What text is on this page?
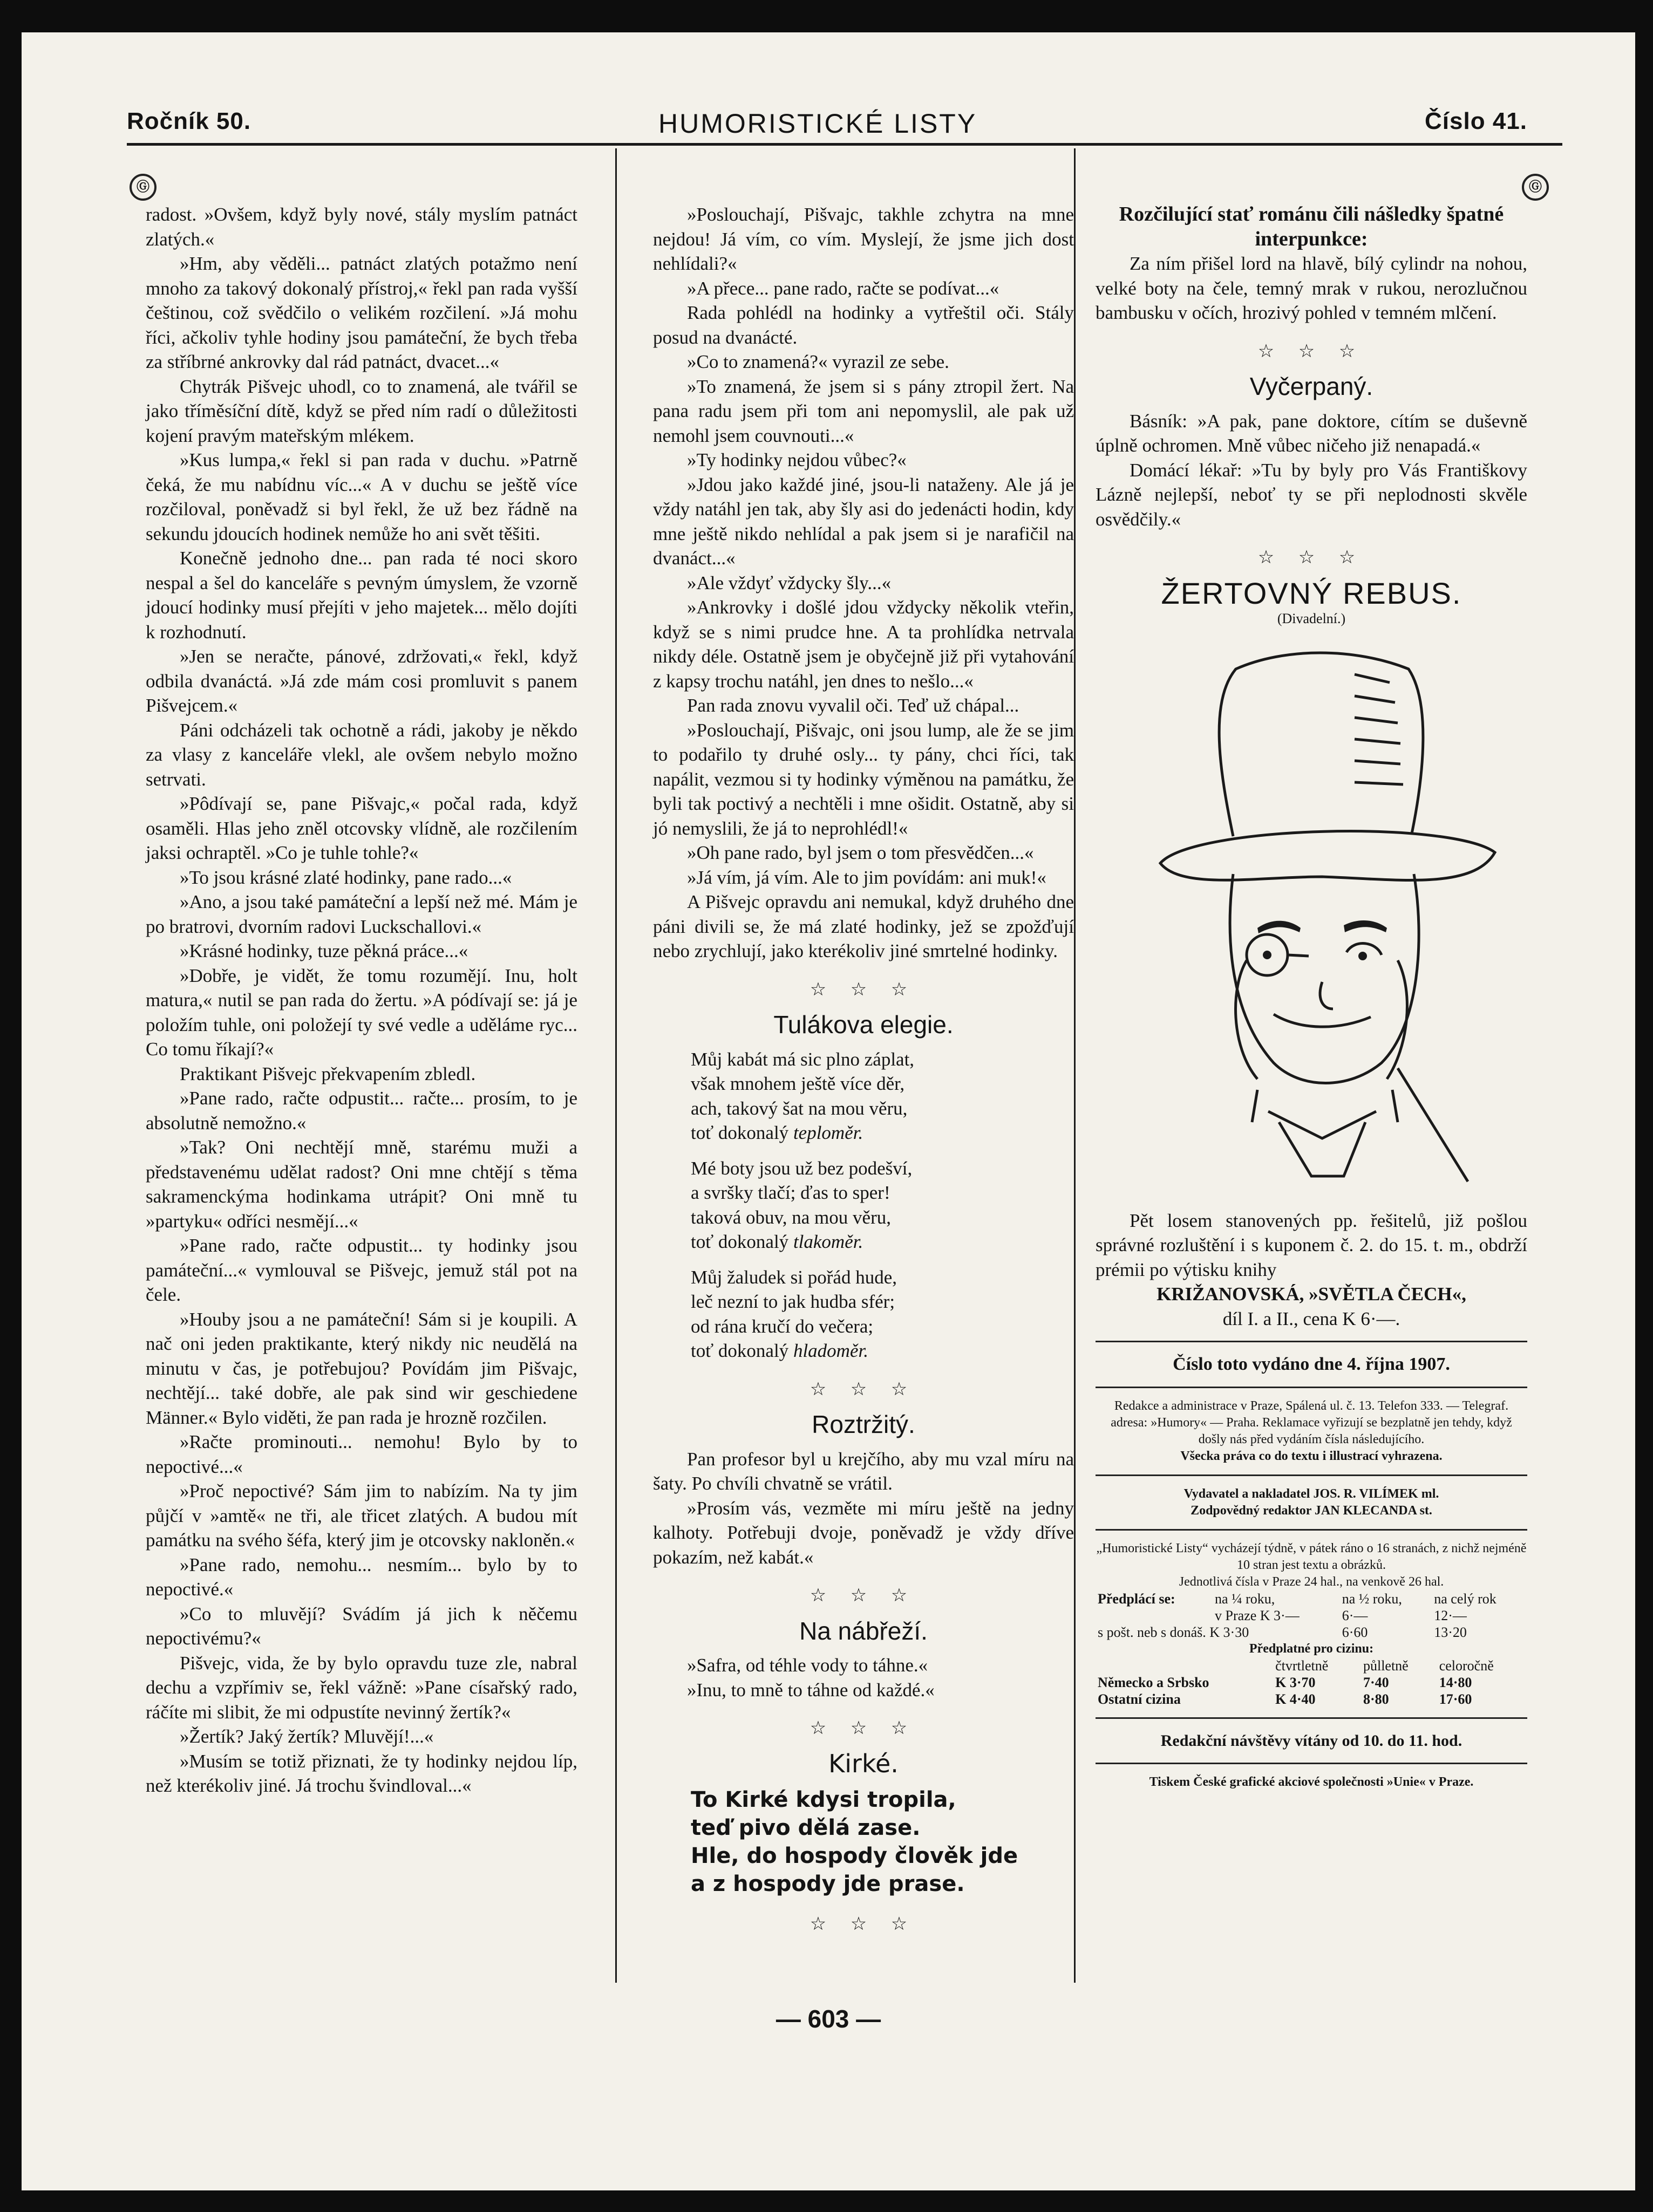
Ročník 50.	HUMORISTICKÉ LISTY	Číslo 41.
Ⓖ	Ⓖ

radost. »Ovšem, když byly nové, stály myslím patnáct zlatých.«

»Hm, aby věděli... patnáct zlatých potažmo není mnoho za takový dokonalý přístroj,« řekl pan rada vyšší češtinou, což svědčilo o velikém rozčilení. »Já mohu říci, ačkoliv tyhle hodiny jsou památeční, že bych třeba za stříbrné ankrovky dal rád patnáct, dvacet...«

Chytrák Pišvejc uhodl, co to znamená, ale tvářil se jako tříměsíční dítě, když se před ním radí o důležitosti kojení pravým mateřským mlékem.

»Kus lumpa,« řekl si pan rada v duchu. »Patrně čeká, že mu nabídnu víc...« A v duchu se ještě více rozčiloval, poněvadž si byl řekl, že už bez řádně na sekundu jdoucích hodinek nemůže ho ani svět těšiti.

Konečně jednoho dne... pan rada té noci skoro nespal a šel do kanceláře s pevným úmyslem, že vzorně jdoucí hodinky musí přejíti v jeho majetek... mělo dojíti k rozhodnutí.

»Jen se neračte, pánové, zdržovati,« řekl, když odbila dvanáctá. »Já zde mám cosi promluvit s panem Pišvejcem.«

Páni odcházeli tak ochotně a rádi, jakoby je někdo za vlasy z kanceláře vlekl, ale ovšem nebylo možno setrvati.

»Pôdívají se, pane Pišvajc,« počal rada, když osaměli. Hlas jeho zněl otcovsky vlídně, ale rozčilením jaksi ochraptěl. »Co je tuhle tohle?«

»To jsou krásné zlaté hodinky, pane rado...«

»Ano, a jsou také památeční a lepší než mé. Mám je po bratrovi, dvorním radovi Luckschallovi.«

»Krásné hodinky, tuze pěkná práce...«

»Dobře, je vidět, že tomu rozumějí. Inu, holt matura,« nutil se pan rada do žertu. »A pódívají se: já je položím tuhle, oni položejí ty své vedle a uděláme ryc... Co tomu říkají?«

Praktikant Pišvejc překvapením zbledl.

»Pane rado, račte odpustit... račte... prosím, to je absolutně nemožno.«

»Tak? Oni nechtějí mně, starému muži a představenému udělat radost? Oni mne chtějí s těma sakramenckýma hodinkama utrápit? Oni mně tu »partyku« odříci nesmějí...«

»Pane rado, račte odpustit... ty hodinky jsou památeční...« vymlouval se Pišvejc, jemuž stál pot na čele.

»Houby jsou a ne památeční! Sám si je koupili. A nač oni jeden praktikante, který nikdy nic neudělá na minutu v čas, je potřebujou? Povídám jim Pišvajc, nechtějí... také dobře, ale pak sind wir geschiedene Männer.« Bylo viděti, že pan rada je hrozně rozčilen.

»Račte prominouti... nemohu! Bylo by to nepoctivé...«

»Proč nepoctivé? Sám jim to nabízím. Na ty jim půjčí v »amtě« ne tři, ale třicet zlatých. A budou mít památku na svého šéfa, který jim je otcovsky nakloněn.«

»Pane rado, nemohu... nesmím... bylo by to nepoctivé.«

»Co to mluvějí? Svádím já jich k něčemu nepoctivému?«

Pišvejc, vida, že by bylo opravdu tuze zle, nabral dechu a vzpřímiv se, řekl vážně: »Pane císařský rado, ráčíte mi slibit, že mi odpustíte nevinný žertík?«

»Žertík? Jaký žertík? Mluvějí!...«

»Musím se totiž přiznati, že ty hodinky nejdou líp, než kterékoliv jiné. Já trochu švindloval...«

»Poslouchají, Pišvajc, takhle zchytra na mne nejdou! Já vím, co vím. Myslejí, že jsme jich dost nehlídali?«

»A přece... pane rado, račte se podívat...«

Rada pohlédl na hodinky a vytřeštil oči. Stály posud na dvanácté.

»Co to znamená?« vyrazil ze sebe.

»To znamená, že jsem si s pány ztropil žert. Na pana radu jsem při tom ani nepomyslil, ale pak už nemohl jsem couvnouti...«

»Ty hodinky nejdou vůbec?«

»Jdou jako každé jiné, jsou-li nataženy. Ale já je vždy natáhl jen tak, aby šly asi do jedenácti hodin, kdy mne ještě nikdo nehlídal a pak jsem si je narafičil na dvanáct...«

»Ale vždyť vždycky šly...«

»Ankrovky i došlé jdou vždycky několik vteřin, když se s nimi prudce hne. A ta prohlídka netrvala nikdy déle. Ostatně jsem je obyčejně již při vytahování z kapsy trochu natáhl, jen dnes to nešlo...«

Pan rada znovu vyvalil oči. Teď už chápal...

»Poslouchají, Pišvajc, oni jsou lump, ale že se jim to podařilo ty druhé osly... ty pány, chci říci, tak napálit, vezmou si ty hodinky výměnou na památku, že byli tak poctivý a nechtěli i mne ošidit. Ostatně, aby si jó nemyslili, že já to neprohlédl!«

»Oh pane rado, byl jsem o tom přesvědčen...«

»Já vím, já vím. Ale to jim povídám: ani muk!«

A Pišvejc opravdu ani nemukal, když druhého dne páni divili se, že má zlaté hodinky, jež se zpožďují nebo zrychlují, jako kterékoliv jiné smrtelné hodinky.

☆ ☆ ☆
Tulákova elegie.
Můj kabát má sic plno záplat,
však mnohem ještě více děr,
ach, takový šat na mou věru,
toť dokonalý teploměr.
Mé boty jsou už bez podešví,
a svršky tlačí; ďas to sper!
taková obuv, na mou věru,
toť dokonalý tlakoměr.
Můj žaludek si pořád hude,
leč nezní to jak hudba sfér;
od rána kručí do večera;
toť dokonalý hladoměr.
☆ ☆ ☆
Roztržitý.

Pan profesor byl u krejčího, aby mu vzal míru na šaty. Po chvíli chvatně se vrátil.

»Prosím vás, vezměte mi míru ještě na jedny kalhoty. Potřebuji dvoje, poněvadž je vždy dříve pokazím, než kabát.«

☆ ☆ ☆
Na nábřeží.

»Safra, od téhle vody to táhne.«

»Inu, to mně to táhne od každé.«

☆ ☆ ☆
Kirké.
To Kirké kdysi tropila,
teď pivo dělá zase.
Hle, do hospody člověk jde
a z hospody jde prase.
☆ ☆ ☆

Rozčilující stať románu čili nášledky špatné interpunkce:

Za ním přišel lord na hlavě, bílý cylindr na nohou, velké boty na čele, temný mrak v rukou, nerozlučnou bambusku v očích, hrozivý pohled v temném mlčení.

☆ ☆ ☆
Vyčerpaný.

Básník: »A pak, pane doktore, cítím se duševně úplně ochromen. Mně vůbec ničeho již nenapadá.«

Domácí lékař: »Tu by byly pro Vás Františkovy Lázně nejlepší, neboť ty se při neplodnosti skvěle osvědčily.«

☆ ☆ ☆
ŽERTOVNÝ REBUS.
(Divadelní.)

Pět losem stanovených pp. řešitelů, již pošlou správné rozluštění i s kuponem č. 2. do 15. t. m., obdrží prémii po výtisku knihy

KRIŽANOVSKÁ, »SVĚTLA ČECH«,

díl I. a II., cena K 6·—.

Číslo toto vydáno dne 4. října 1907.

Redakce a administrace v Praze, Spálená ul. č. 13. Telefon 333. — Telegraf. adresa: »Humory« — Praha. Reklamace vyřizují se bezplatně jen tehdy, když došly nás před vydáním čísla následujícího.

Všecka práva co do textu i illustrací vyhrazena.

Vydavatel a nakladatel JOS. R. VILÍMEK ml.

Zodpovědný redaktor JAN KLECANDA st.

„Humoristické Listy“ vycházejí týdně, v pátek ráno o 16 stranách, z nichž nejméně 10 stran jest textu a obrázků.

Jednotlivá čísla v Praze 24 hal., na venkově 26 hal.

Předplácí se:	na ¼ roku,	na ½ roku,	na celý rok
	v Praze K 3·—	6·—	12·—
s pošt. neb s donáš. K 3·30		6·60	13·20

Předplatné pro cizinu:

	čtvrtletně	půlletně	celoročně
Německo a Srbsko	K 3·70	7·40	14·80
Ostatní cizina	K 4·40	8·80	17·60

Redakční návštěvy vítány od 10. do 11. hod.

Tiskem České grafické akciové společnosti »Unie« v Praze.

— 603 —
